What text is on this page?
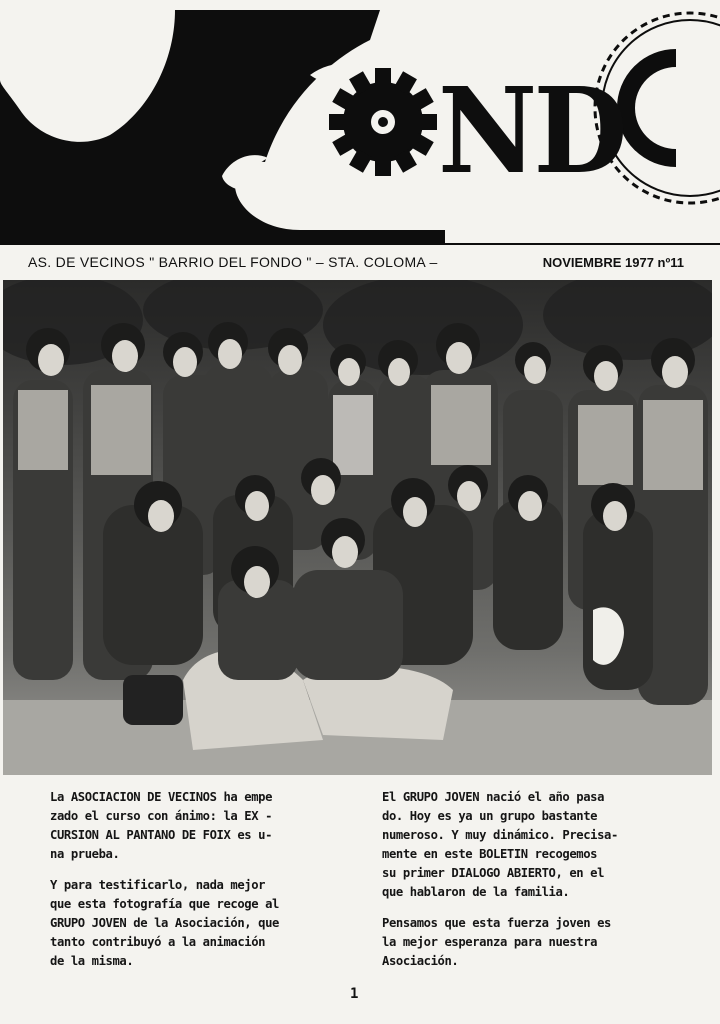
ND
AS. DE VECINOS " BARRIO DEL FONDO " – STA. COLOMA –	NOVIEMBRE 1977 nº11

La ASOCIACION DE VECINOS ha empe
zado el curso con ánimo: la EX -
CURSION AL PANTANO DE FOIX es u-
na prueba.

Y para testificarlo, nada mejor
que esta fotografía que recoge al
GRUPO JOVEN de la Asociación, que
tanto contribuyó a la animación
de la misma.

El GRUPO JOVEN nació el año pasa
do. Hoy es ya un grupo bastante
numeroso. Y muy dinámico. Precisa-
mente en este BOLETIN recogemos
su primer DIALOGO ABIERTO, en el
que hablaron de la familia.

Pensamos que esta fuerza joven es
la mejor esperanza para nuestra
Asociación.

1
